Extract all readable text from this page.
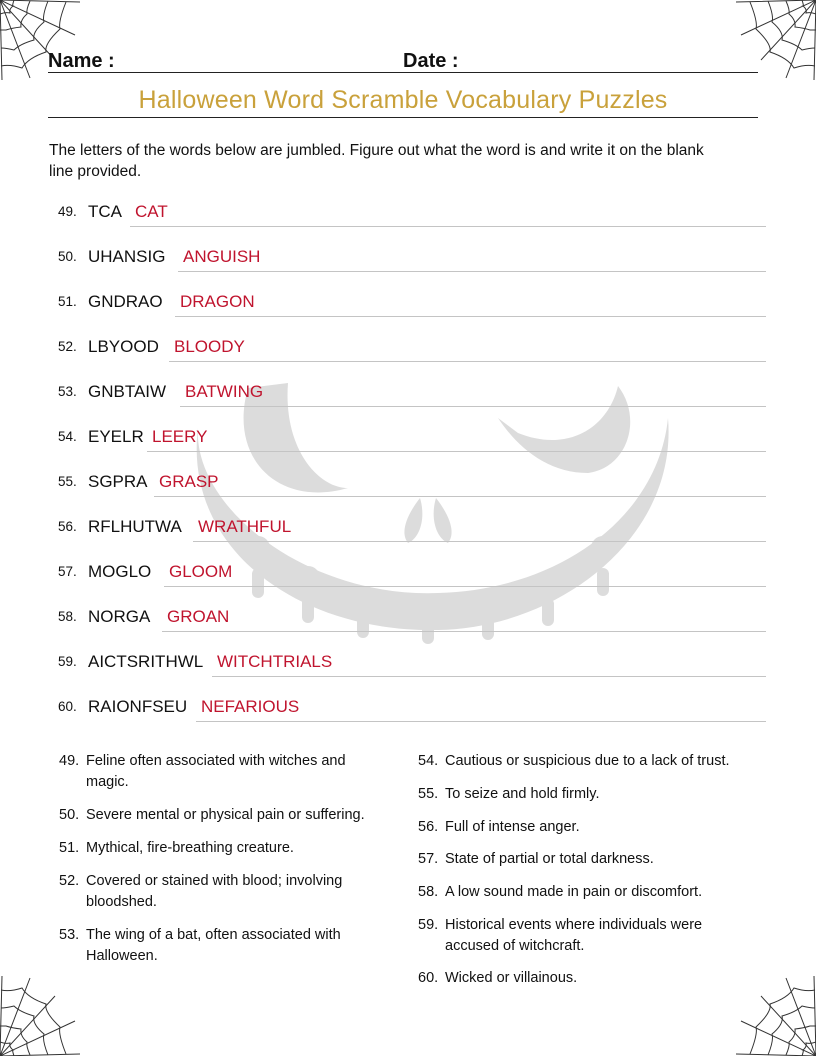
Name :	Date :
Halloween Word Scramble Vocabulary Puzzles
The letters of the words below are jumbled. Figure out what the word is and write it on the blank line provided.
49. TCA CAT
50. UHANSIG ANGUISH
51. GNDRAO DRAGON
52. LBYOOD BLOODY
53. GNBTAIW BATWING
54. EYELR LEERY
55. SGPRA GRASP
56. RFLHUTWA WRATHFUL
57. MOGLO GLOOM
58. NORGA GROAN
59. AICTSRITHWL WITCHTRIALS
60. RAIONFSEU NEFARIOUS
49. Feline often associated with witches and magic.
50. Severe mental or physical pain or suffering.
51. Mythical, fire-breathing creature.
52. Covered or stained with blood; involving bloodshed.
53. The wing of a bat, often associated with Halloween.
54. Cautious or suspicious due to a lack of trust.
55. To seize and hold firmly.
56. Full of intense anger.
57. State of partial or total darkness.
58. A low sound made in pain or discomfort.
59. Historical events where individuals were accused of witchcraft.
60. Wicked or villainous.
